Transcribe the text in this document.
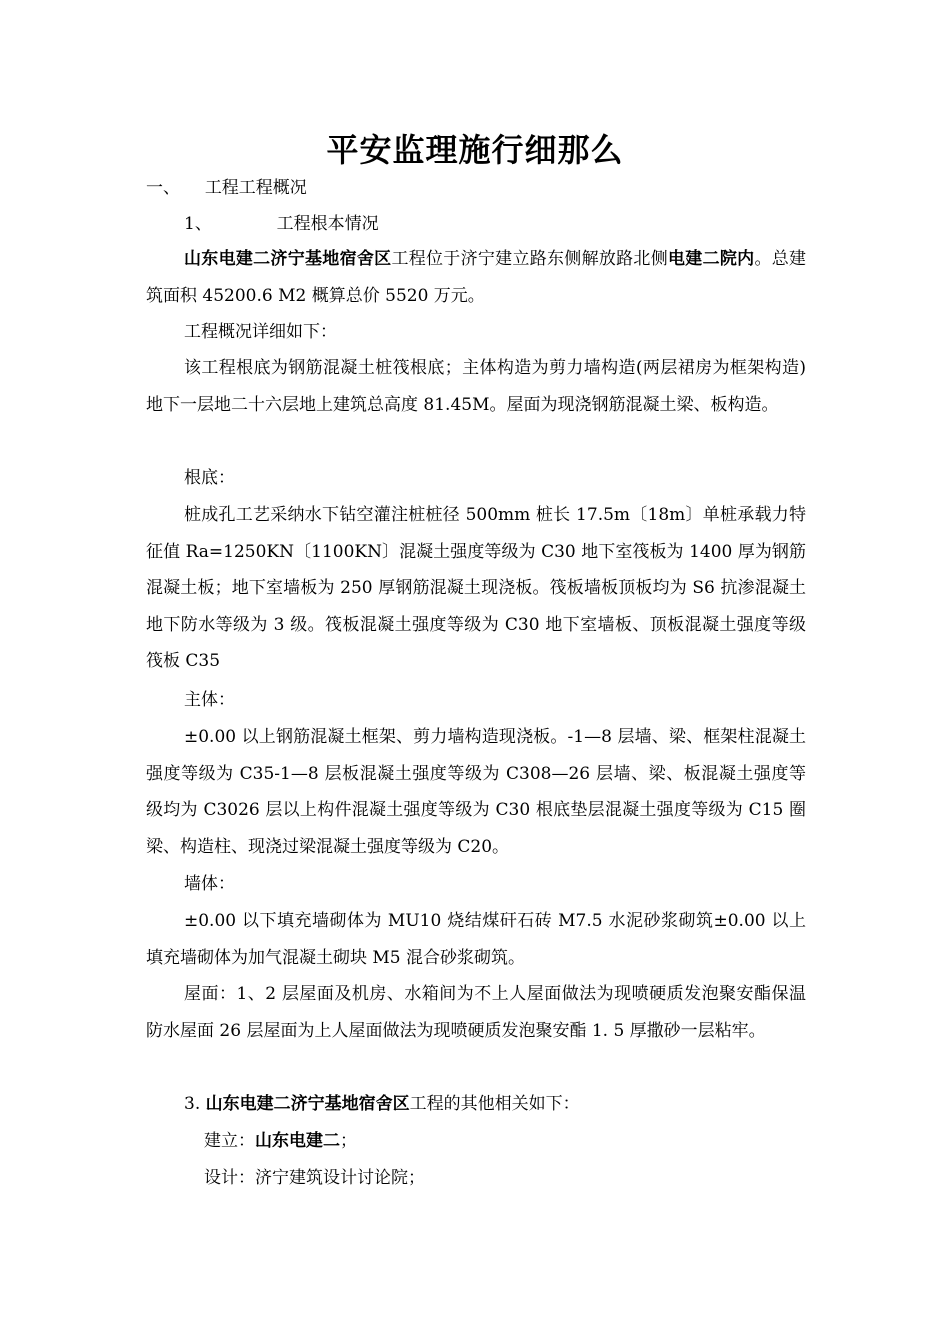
平安监理施行细那么
一、 工程工程概况
1、	工程根本情况
山东电建二济宁基地宿舍区工程位于济宁建立路东侧解放路北侧电建二院内。总建筑面积 45200.6 M2 概算总价 5520 万元。
工程概况详细如下：
该工程根底为钢筋混凝土桩筏根底；主体构造为剪力墙构造(两层裙房为框架构造)地下一层地二十六层地上建筑总高度 81.45M。屋面为现浇钢筋混凝土梁、板构造。
根底：
桩成孔工艺采纳水下钻空灌注桩桩径 500mm 桩长 17.5m〔18m〕单桩承载力特征值 Ra=1250KN〔1100KN〕混凝土强度等级为 C30 地下室筏板为 1400 厚为钢筋混凝土板；地下室墙板为 250 厚钢筋混凝土现浇板。筏板墙板顶板均为 S6 抗渗混凝土地下防水等级为 3 级。筏板混凝土强度等级为 C30 地下室墙板、顶板混凝土强度等级筏板 C35
主体：
±0.00 以上钢筋混凝土框架、剪力墙构造现浇板。-1—8 层墙、梁、框架柱混凝土强度等级为 C35-1—8 层板混凝土强度等级为 C308—26 层墙、梁、板混凝土强度等级均为 C3026 层以上构件混凝土强度等级为 C30 根底垫层混凝土强度等级为 C15 圈梁、构造柱、现浇过梁混凝土强度等级为 C20。
墙体：
±0.00 以下填充墙砌体为 MU10 烧结煤矸石砖 M7.5 水泥砂浆砌筑±0.00 以上填充墙砌体为加气混凝土砌块 M5 混合砂浆砌筑。
屋面：1、2 层屋面及机房、水箱间为不上人屋面做法为现喷硬质发泡聚安酯保温防水屋面 26 层屋面为上人屋面做法为现喷硬质发泡聚安酯 1. 5 厚撒砂一层粘牢。
3. 山东电建二济宁基地宿舍区工程的其他相关如下：
建立：山东电建二；
设计：济宁建筑设计讨论院；
